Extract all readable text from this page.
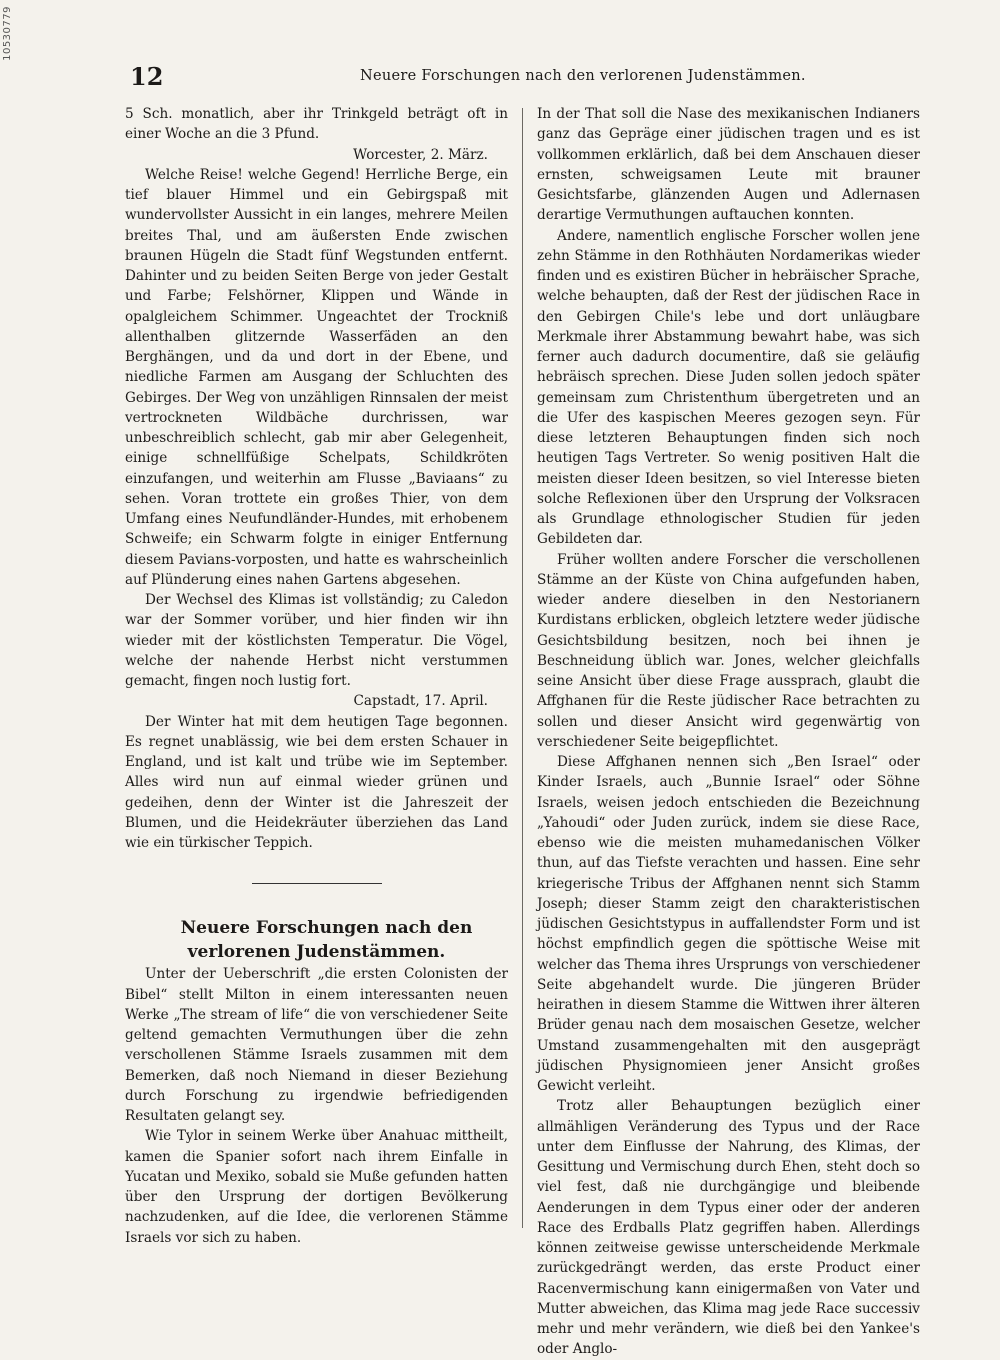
10530779
12	Neuere Forschungen nach den verlorenen Judenstämmen.

5 Sch. monatlich, aber ihr Trinkgeld beträgt oft in einer Woche an die 3 Pfund.

Worcester, 2. März.

Welche Reise! welche Gegend! Herrliche Berge, ein tief blauer Himmel und ein Gebirgspaß mit wundervollster Aussicht in ein langes, mehrere Meilen breites Thal, und am äußersten Ende zwischen braunen Hügeln die Stadt fünf Wegstunden entfernt. Dahinter und zu beiden Seiten Berge von jeder Gestalt und Farbe; Felshörner, Klippen und Wände in opalgleichem Schimmer. Ungeachtet der Trockniß allenthalben glitzernde Wasserfäden an den Berghängen, und da und dort in der Ebene, und niedliche Farmen am Ausgang der Schluchten des Gebirges. Der Weg von unzähligen Rinnsalen der meist vertrockneten Wildbäche durchrissen, war unbeschreiblich schlecht, gab mir aber Gelegenheit, einige schnellfüßige Schelpats, Schildkröten einzufangen, und weiterhin am Flusse „Baviaans“ zu sehen. Voran trottete ein großes Thier, von dem Umfang eines Neufundländer-Hundes, mit erhobenem Schweife; ein Schwarm folgte in einiger Entfernung diesem Pavians-vorposten, und hatte es wahrscheinlich auf Plünderung eines nahen Gartens abgesehen.

Der Wechsel des Klimas ist vollständig; zu Caledon war der Sommer vorüber, und hier finden wir ihn wieder mit der köstlichsten Temperatur. Die Vögel, welche der nahende Herbst nicht verstummen gemacht, fingen noch lustig fort.

Capstadt, 17. April.

Der Winter hat mit dem heutigen Tage begonnen. Es regnet unablässig, wie bei dem ersten Schauer in England, und ist kalt und trübe wie im September. Alles wird nun auf einmal wieder grünen und gedeihen, denn der Winter ist die Jahreszeit der Blumen, und die Heidekräuter überziehen das Land wie ein türkischer Teppich.

Neuere Forschungen nach den verlorenen Judenstämmen.

Unter der Ueberschrift „die ersten Colonisten der Bibel“ stellt Milton in einem interessanten neuen Werke „The stream of life“ die von verschiedener Seite geltend gemachten Vermuthungen über die zehn verschollenen Stämme Israels zusammen mit dem Bemerken, daß noch Niemand in dieser Beziehung durch Forschung zu irgendwie befriedigenden Resultaten gelangt sey.

Wie Tylor in seinem Werke über Anahuac mittheilt, kamen die Spanier sofort nach ihrem Einfalle in Yucatan und Mexiko, sobald sie Muße gefunden hatten über den Ursprung der dortigen Bevölkerung nachzudenken, auf die Idee, die verlorenen Stämme Israels vor sich zu haben.

In der That soll die Nase des mexikanischen Indianers ganz das Gepräge einer jüdischen tragen und es ist vollkommen erklärlich, daß bei dem Anschauen dieser ernsten, schweigsamen Leute mit brauner Gesichtsfarbe, glänzenden Augen und Adlernasen derartige Vermuthungen auftauchen konnten.

Andere, namentlich englische Forscher wollen jene zehn Stämme in den Rothhäuten Nordamerikas wieder finden und es existiren Bücher in hebräischer Sprache, welche behaupten, daß der Rest der jüdischen Race in den Gebirgen Chile's lebe und dort unläugbare Merkmale ihrer Abstammung bewahrt habe, was sich ferner auch dadurch documentire, daß sie geläufig hebräisch sprechen. Diese Juden sollen jedoch später gemeinsam zum Christenthum übergetreten und an die Ufer des kaspischen Meeres gezogen seyn. Für diese letzteren Behauptungen finden sich noch heutigen Tags Vertreter. So wenig positiven Halt die meisten dieser Ideen besitzen, so viel Interesse bieten solche Reflexionen über den Ursprung der Volksracen als Grundlage ethnologischer Studien für jeden Gebildeten dar.

Früher wollten andere Forscher die verschollenen Stämme an der Küste von China aufgefunden haben, wieder andere dieselben in den Nestorianern Kurdistans erblicken, obgleich letztere weder jüdische Gesichtsbildung besitzen, noch bei ihnen je Beschneidung üblich war. Jones, welcher gleichfalls seine Ansicht über diese Frage aussprach, glaubt die Affghanen für die Reste jüdischer Race betrachten zu sollen und dieser Ansicht wird gegenwärtig von verschiedener Seite beigepflichtet.

Diese Affghanen nennen sich „Ben Israel“ oder Kinder Israels, auch „Bunnie Israel“ oder Söhne Israels, weisen jedoch entschieden die Bezeichnung „Yahoudi“ oder Juden zurück, indem sie diese Race, ebenso wie die meisten muhamedanischen Völker thun, auf das Tiefste verachten und hassen. Eine sehr kriegerische Tribus der Affghanen nennt sich Stamm Joseph; dieser Stamm zeigt den charakteristischen jüdischen Gesichtstypus in auffallendster Form und ist höchst empfindlich gegen die spöttische Weise mit welcher das Thema ihres Ursprungs von verschiedener Seite abgehandelt wurde. Die jüngeren Brüder heirathen in diesem Stamme die Wittwen ihrer älteren Brüder genau nach dem mosaischen Gesetze, welcher Umstand zusammengehalten mit den ausgeprägt jüdischen Physignomieen jener Ansicht großes Gewicht verleiht.

Trotz aller Behauptungen bezüglich einer allmähligen Veränderung des Typus und der Race unter dem Einflusse der Nahrung, des Klimas, der Gesittung und Vermischung durch Ehen, steht doch so viel fest, daß nie durchgängige und bleibende Aenderungen in dem Typus einer oder der anderen Race des Erdballs Platz gegriffen haben. Allerdings können zeitweise gewisse unterscheidende Merkmale zurückgedrängt werden, das erste Product einer Racenvermischung kann einigermaßen von Vater und Mutter abweichen, das Klima mag jede Race successiv mehr und mehr verändern, wie dieß bei den Yankee's oder Anglo-
